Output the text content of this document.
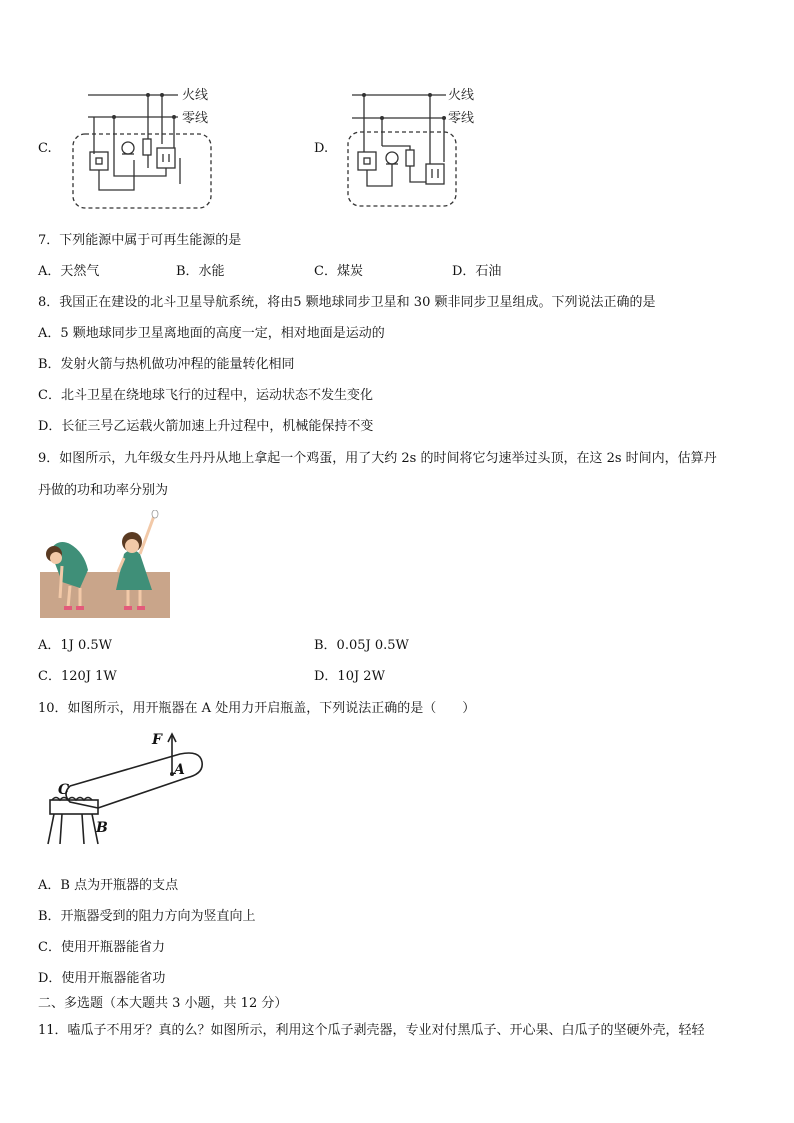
C.
火线
零线
D.
火线
零线
7．下列能源中属于可再生能源的是
A．天然气	B．水能	C．煤炭	D．石油
8．我国正在建设的北斗卫星导航系统，将由5 颗地球同步卫星和 30 颗非同步卫星组成。下列说法正确的是
A．5 颗地球同步卫星离地面的高度一定，相对地面是运动的
B．发射火箭与热机做功冲程的能量转化相同
C．北斗卫星在绕地球飞行的过程中，运动状态不发生变化
D．长征三号乙运载火箭加速上升过程中，机械能保持不变
9．如图所示，九年级女生丹丹从地上拿起一个鸡蛋，用了大约 2s 的时间将它匀速举过头顶，在这 2s 时间内，估算丹
丹做的功和功率分别为
A．1J 0.5W	B．0.05J 0.5W
C．120J 1W	D．10J 2W
10．如图所示，用开瓶器在 A 处用力开启瓶盖，下列说法正确的是（　　）
F
A
C
B
A．B 点为开瓶器的支点
B．开瓶器受到的阻力方向为竖直向上
C．使用开瓶器能省力
D．使用开瓶器能省功
二、多选题（本大题共 3 小题，共 12 分）
11．嗑瓜子不用牙？真的么？如图所示，利用这个瓜子剥壳器，专业对付黑瓜子、开心果、白瓜子的坚硬外壳，轻轻
